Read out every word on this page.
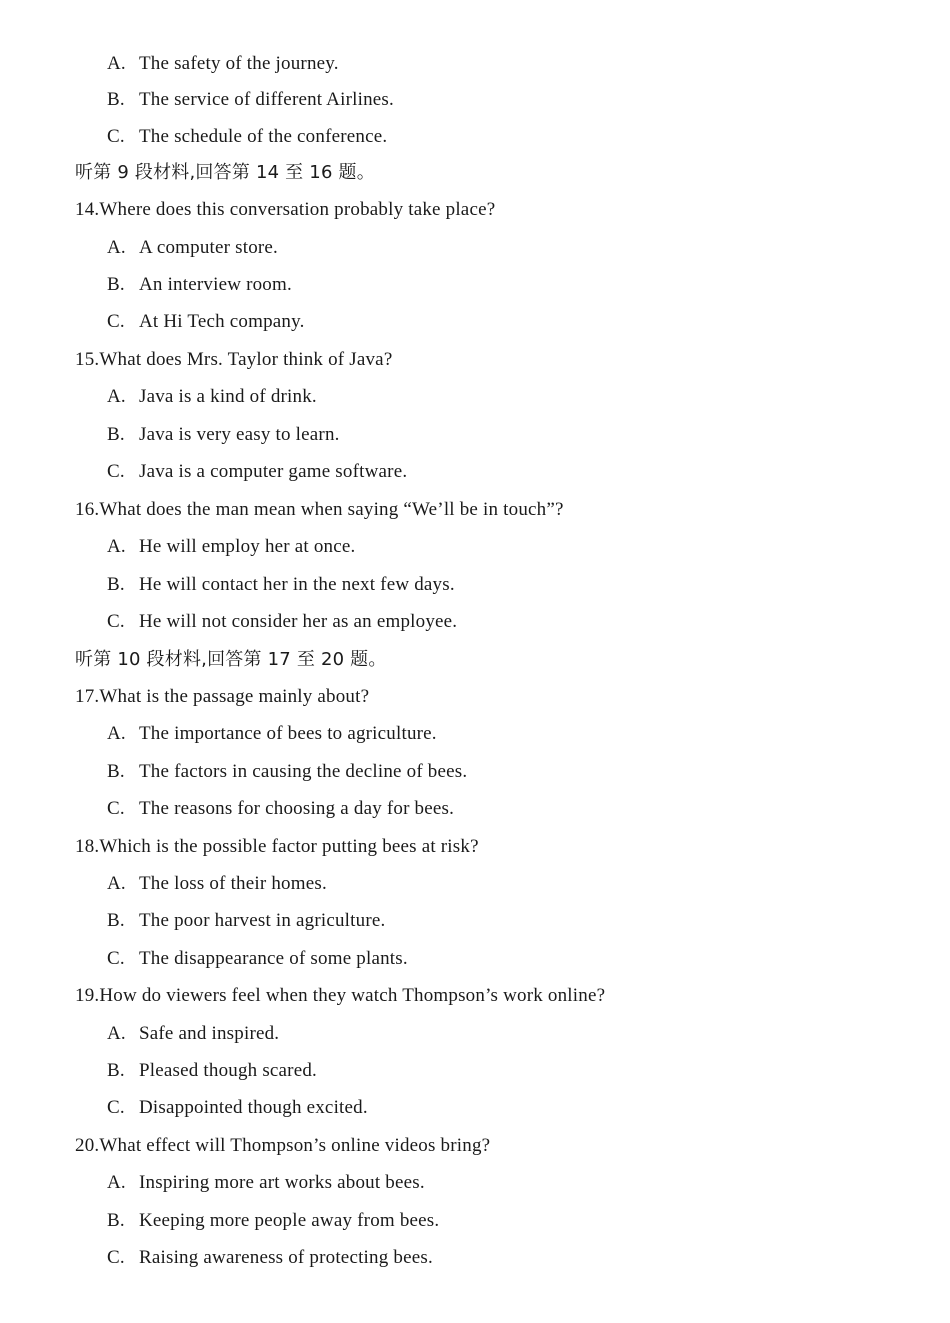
A. The safety of the journey.
B. The service of different Airlines.
C. The schedule of the conference.
听第 9 段材料,回答第 14 至 16 题。
14.Where does this conversation probably take place?
A. A computer store.
B. An interview room.
C. At Hi Tech company.
15.What does Mrs. Taylor think of Java?
A. Java is a kind of drink.
B. Java is very easy to learn.
C. Java is a computer game software.
16.What does the man mean when saying “We’ll be in touch”?
A. He will employ her at once.
B. He will contact her in the next few days.
C. He will not consider her as an employee.
听第 10 段材料,回答第 17 至 20 题。
17.What is the passage mainly about?
A. The importance of bees to agriculture.
B. The factors in causing the decline of bees.
C. The reasons for choosing a day for bees.
18.Which is the possible factor putting bees at risk?
A. The loss of their homes.
B. The poor harvest in agriculture.
C. The disappearance of some plants.
19.How do viewers feel when they watch Thompson’s work online?
A. Safe and inspired.
B. Pleased though scared.
C. Disappointed though excited.
20.What effect will Thompson’s online videos bring?
A. Inspiring more art works about bees.
B. Keeping more people away from bees.
C. Raising awareness of protecting bees.
